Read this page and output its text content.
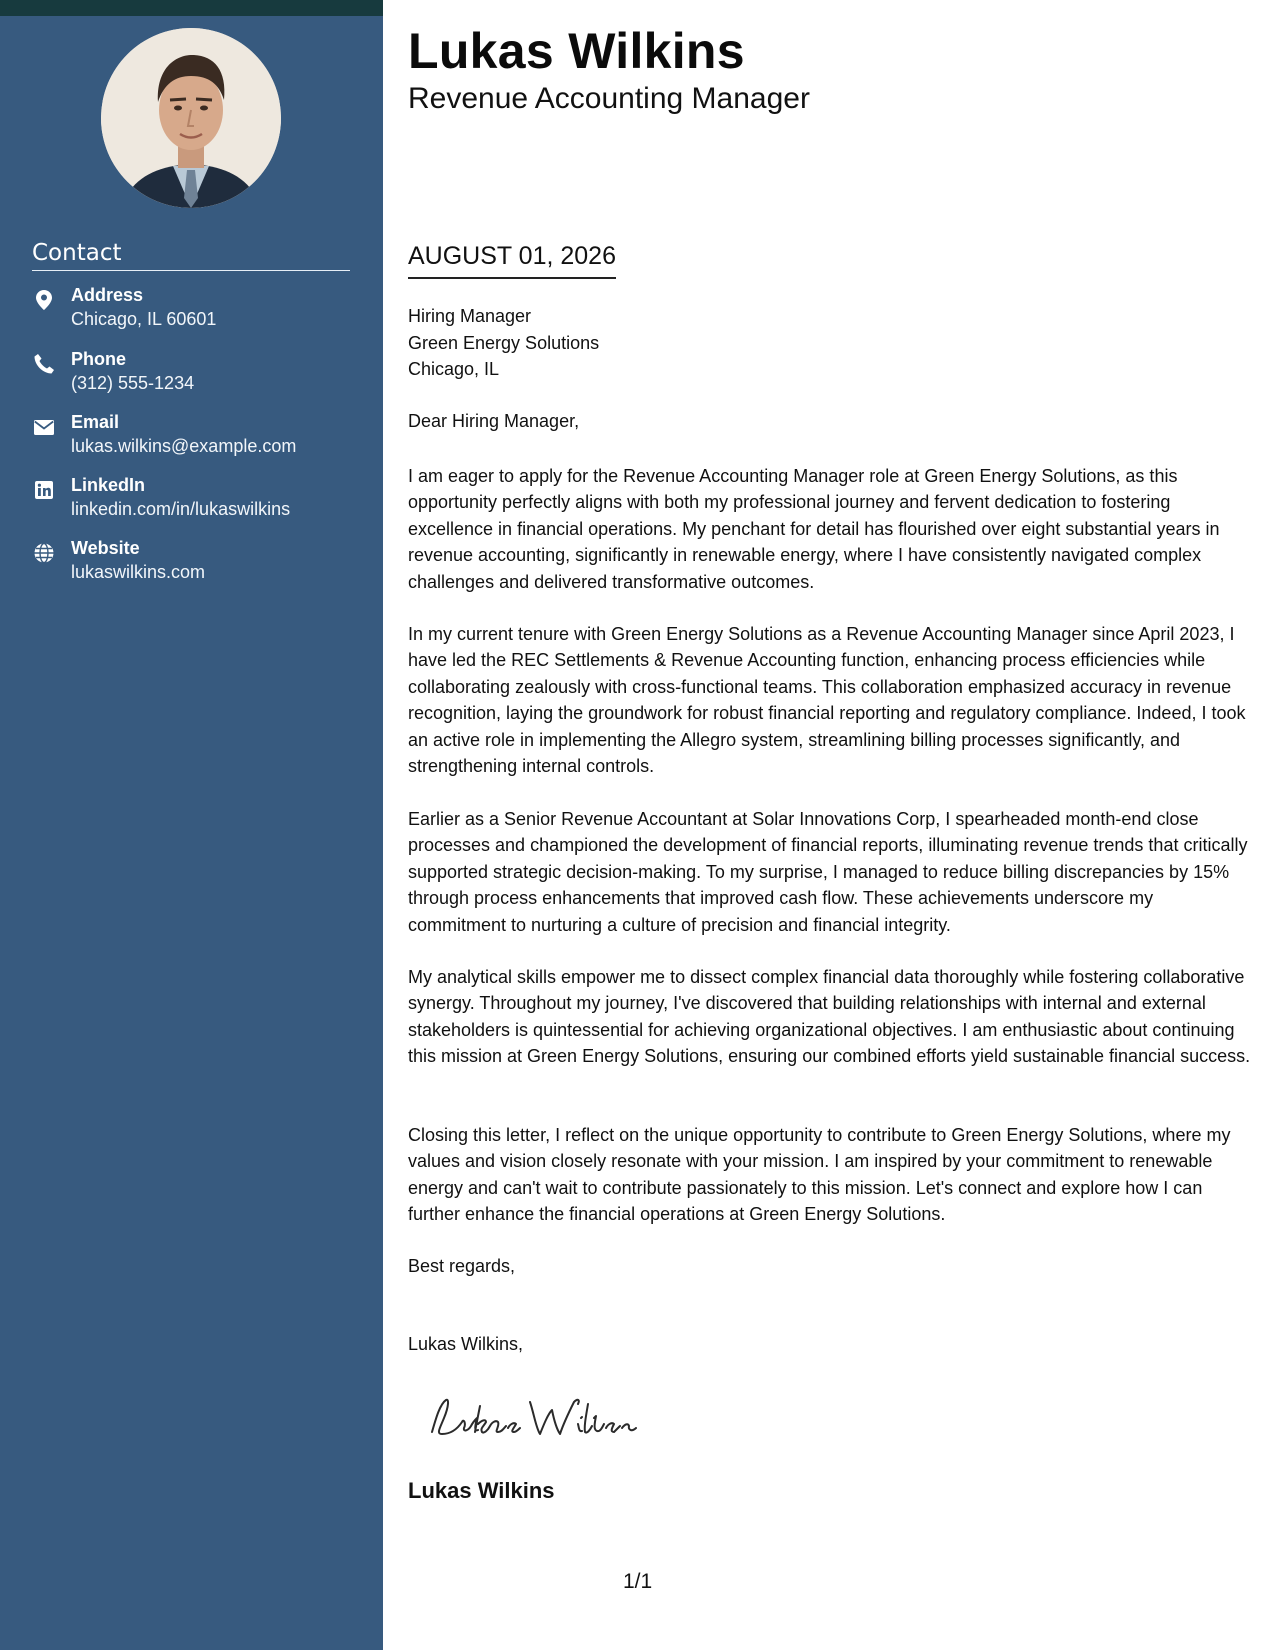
Contact
Address
Chicago, IL 60601
Phone
(312) 555-1234
Email
lukas.wilkins@example.com
LinkedIn
linkedin.com/in/lukaswilkins
Website
lukaswilkins.com
Lukas Wilkins
Revenue Accounting Manager
AUGUST 01, 2026
Hiring Manager
Green Energy Solutions
Chicago, IL
Dear Hiring Manager,

I am eager to apply for the Revenue Accounting Manager role at Green Energy Solutions, as this opportunity perfectly aligns with both my professional journey and fervent dedication to fostering excellence in financial operations. My penchant for detail has flourished over eight substantial years in revenue accounting, significantly in renewable energy, where I have consistently navigated complex challenges and delivered transformative outcomes.

In my current tenure with Green Energy Solutions as a Revenue Accounting Manager since April 2023, I have led the REC Settlements & Revenue Accounting function, enhancing process efficiencies while collaborating zealously with cross-functional teams. This collaboration emphasized accuracy in revenue recognition, laying the groundwork for robust financial reporting and regulatory compliance. Indeed, I took an active role in implementing the Allegro system, streamlining billing processes significantly, and strengthening internal controls.

Earlier as a Senior Revenue Accountant at Solar Innovations Corp, I spearheaded month-end close processes and championed the development of financial reports, illuminating revenue trends that critically supported strategic decision-making. To my surprise, I managed to reduce billing discrepancies by 15% through process enhancements that improved cash flow. These achievements underscore my commitment to nurturing a culture of precision and financial integrity.

My analytical skills empower me to dissect complex financial data thoroughly while fostering collaborative synergy. Throughout my journey, I've discovered that building relationships with internal and external stakeholders is quintessential for achieving organizational objectives. I am enthusiastic about continuing this mission at Green Energy Solutions, ensuring our combined efforts yield sustainable financial success.

Closing this letter, I reflect on the unique opportunity to contribute to Green Energy Solutions, where my values and vision closely resonate with your mission. I am inspired by your commitment to renewable energy and can't wait to contribute passionately to this mission. Let's connect and explore how I can further enhance the financial operations at Green Energy Solutions.

Best regards,
Lukas Wilkins,
Lukas Wilkins
1/1
